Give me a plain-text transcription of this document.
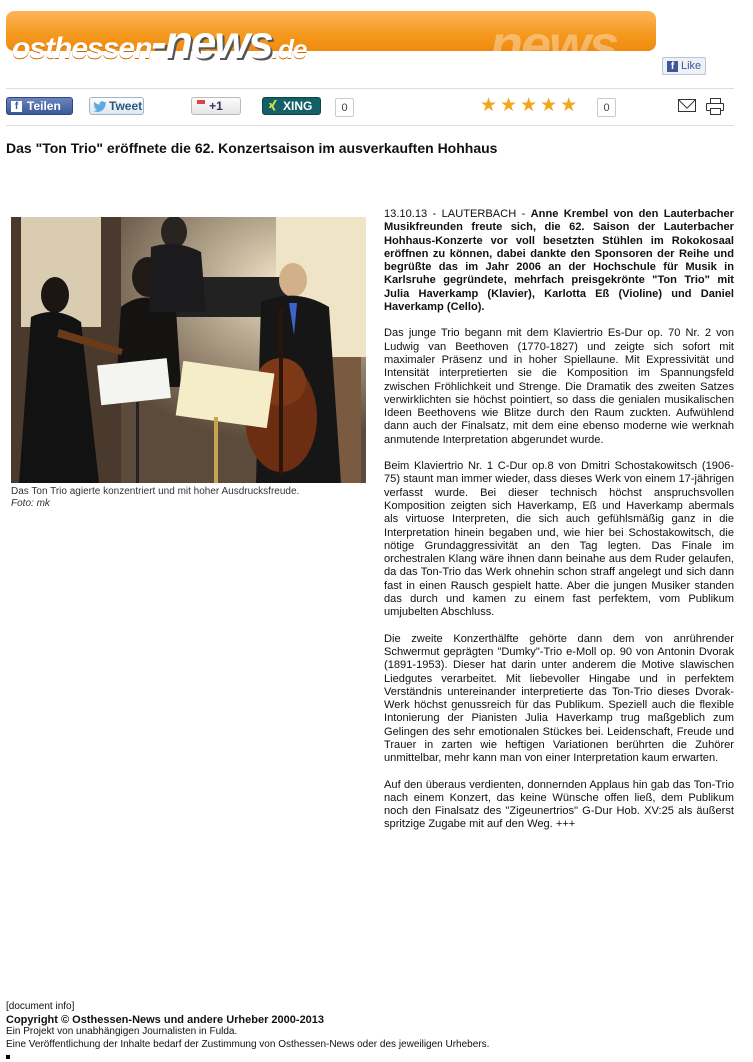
news
osthessen-news.de
f Like
f Teilen	Tweet	+1	XING	0	★ ★ ★ ★ ★	0
Das "Ton Trio" eröffnete die 62. Konzertsaison im ausverkauften Hohhaus
Das Ton Trio agierte konzentriert und mit hoher Ausdrucksfreude.
Foto: mk

13.10.13 - LAUTERBACH - Anne Krembel von den Lauterbacher Musikfreunden freute sich, die 62. Saison der Lauterbacher Hohhaus-Konzerte vor voll besetzten Stühlen im Rokokosaal eröffnen zu können, dabei dankte den Sponsoren der Reihe und begrüßte das im Jahr 2006 an der Hochschule für Musik in Karlsruhe gegründete, mehrfach preisgekrönte "Ton Trio" mit Julia Haverkamp (Klavier), Karlotta Eß (Violine) und Daniel Haverkamp (Cello).

Das junge Trio begann mit dem Klaviertrio Es-Dur op. 70 Nr. 2 von Ludwig van Beethoven (1770-1827) und zeigte sich sofort mit maximaler Präsenz und in hoher Spiellaune. Mit Expressivität und Intensität interpretierten sie die Komposition im Spannungsfeld zwischen Fröhlichkeit und Strenge. Die Dramatik des zweiten Satzes verwirklichten sie höchst pointiert, so dass die genialen musikalischen Ideen Beethovens wie Blitze durch den Raum zuckten. Aufwühlend dann auch der Finalsatz, mit dem eine ebenso moderne wie werknah anmutende Interpretation abgerundet wurde.

Beim Klaviertrio Nr. 1 C-Dur op.8 von Dmitri Schostakowitsch (1906-75) staunt man immer wieder, dass dieses Werk von einem 17-jährigen verfasst wurde. Bei dieser technisch höchst anspruchsvollen Komposition zeigten sich Haverkamp, Eß und Haverkamp abermals als virtuose Interpreten, die sich auch gefühlsmäßig ganz in die Interpretation hinein begaben und, wie hier bei Schostakowitsch, die nötige Grundaggressivität an den Tag legten. Das Finale im orchestralen Klang wäre ihnen dann beinahe aus dem Ruder gelaufen, da das Ton-Trio das Werk ohnehin schon straff angelegt und sich dann fast in einen Rausch gespielt hatte. Aber die jungen Musiker standen das durch und kamen zu einem fast perfektem, vom Publikum umjubelten Abschluss.

Die zweite Konzerthälfte gehörte dann dem von anrührender Schwermut geprägten "Dumky"-Trio e-Moll op. 90 von Antonin Dvorak (1891-1953). Dieser hat darin unter anderem die Motive slawischen Liedgutes verarbeitet. Mit liebevoller Hingabe und in perfektem Verständnis untereinander interpretierte das Ton-Trio dieses Dvorak-Werk höchst genussreich für das Publikum. Speziell auch die flexible Intonierung der Pianisten Julia Haverkamp trug maßgeblich zum Gelingen des sehr emotionalen Stückes bei. Leidenschaft, Freude und Trauer in zarten wie heftigen Variationen berührten die Zuhörer unmittelbar, mehr kann man von einer Interpretation kaum erwarten.

Auf den überaus verdienten, donnernden Applaus hin gab das Ton-Trio nach einem Konzert, das keine Wünsche offen ließ, dem Publikum noch den Finalsatz des "Zigeunertrios" G-Dur Hob. XV:25 als äußerst spritzige Zugabe mit auf den Weg. +++

[document info]
Copyright © Osthessen-News und andere Urheber 2000-2013
Ein Projekt von unabhängigen Journalisten in Fulda.
Eine Veröffentlichung der Inhalte bedarf der Zustimmung von Osthessen-News oder des jeweiligen Urhebers.
